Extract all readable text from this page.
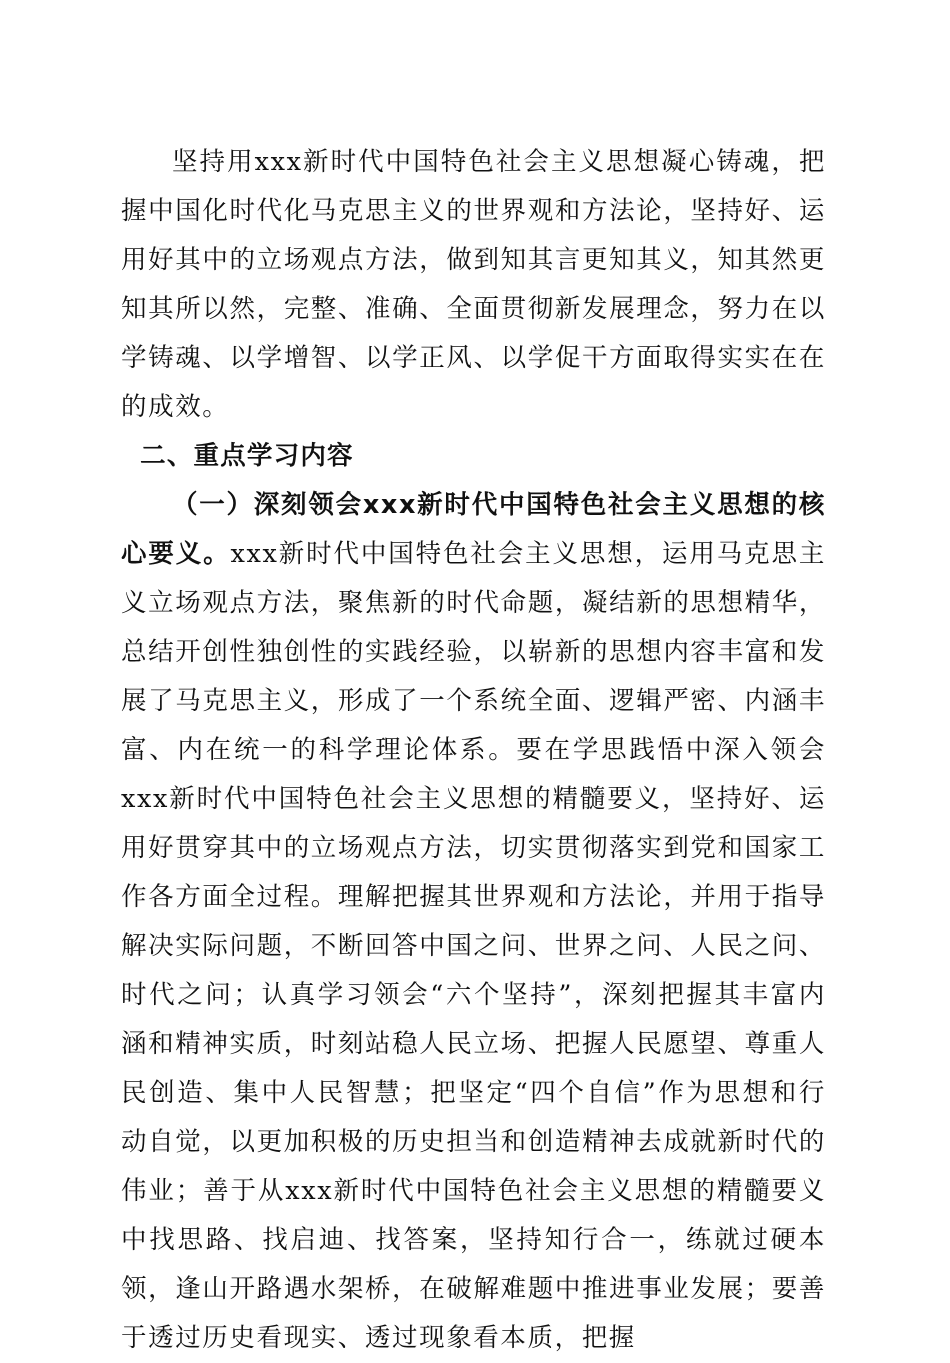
坚持用xxx新时代中国特色社会主义思想凝心铸魂，把握中国化时代化马克思主义的世界观和方法论，坚持好、运用好其中的立场观点方法，做到知其言更知其义，知其然更知其所以然，完整、准确、全面贯彻新发展理念，努力在以学铸魂、以学增智、以学正风、以学促干方面取得实实在在的成效。

二、重点学习内容

（一）深刻领会xxx新时代中国特色社会主义思想的核心要义。xxx新时代中国特色社会主义思想，运用马克思主义立场观点方法，聚焦新的时代命题，凝结新的思想精华，总结开创性独创性的实践经验，以崭新的思想内容丰富和发展了马克思主义，形成了一个系统全面、逻辑严密、内涵丰富、内在统一的科学理论体系。要在学思践悟中深入领会xxx新时代中国特色社会主义思想的精髓要义，坚持好、运用好贯穿其中的立场观点方法，切实贯彻落实到党和国家工作各方面全过程。理解把握其世界观和方法论，并用于指导解决实际问题，不断回答中国之问、世界之问、人民之问、时代之问；认真学习领会“六个坚持”，深刻把握其丰富内涵和精神实质，时刻站稳人民立场、把握人民愿望、尊重人民创造、集中人民智慧；把坚定“四个自信”作为思想和行动自觉，以更加积极的历史担当和创造精神去成就新时代的伟业；善于从xxx新时代中国特色社会主义思想的精髓要义中找思路、找启迪、找答案，坚持知行合一，练就过硬本领，逢山开路遇水架桥，在破解难题中推进事业发展；要善于透过历史看现实、透过现象看本质，把握
